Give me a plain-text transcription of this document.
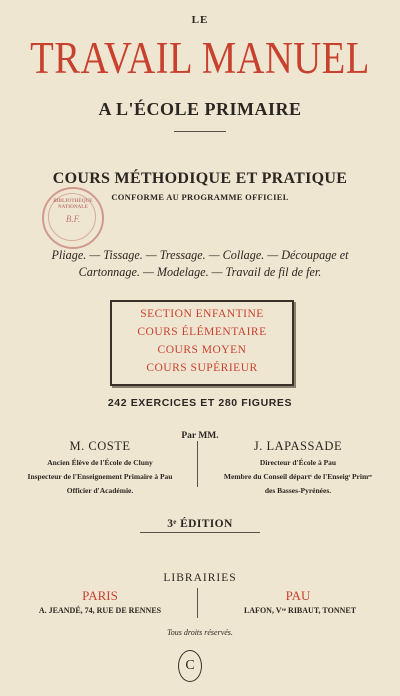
LE
TRAVAIL MANUEL
A L'ÉCOLE PRIMAIRE
BIBLIOTHÈQUE NATIONALE
B.F.
COURS MÉTHODIQUE ET PRATIQUE
CONFORME AU PROGRAMME OFFICIEL
Pliage. — Tissage. — Tressage. — Collage. — Découpage et
Cartonnage. — Modelage. — Travail de fil de fer.
SECTION ENFANTINE
COURS ÉLÉMENTAIRE
COURS MOYEN
COURS SUPÉRIEUR
242 EXERCICES ET 280 FIGURES
Par MM.
M. COSTE
Ancien Élève de l'École de Cluny
Inspecteur de l'Enseignement Primaire à Pau
Officier d'Académie.
J. LAPASSADE
Directeur d'École à Pau
Membre du Conseil départᵗ de l'Enseigᵗ Primʳᵉ
des Basses-Pyrénées.
3ᵉ ÉDITION
LIBRAIRIES
PARIS	PAU
A. JEANDÉ, 74, RUE DE RENNES	LAFON, Vᵛᵉ RIBAUT, TONNET
Tous droits réservés.
C
